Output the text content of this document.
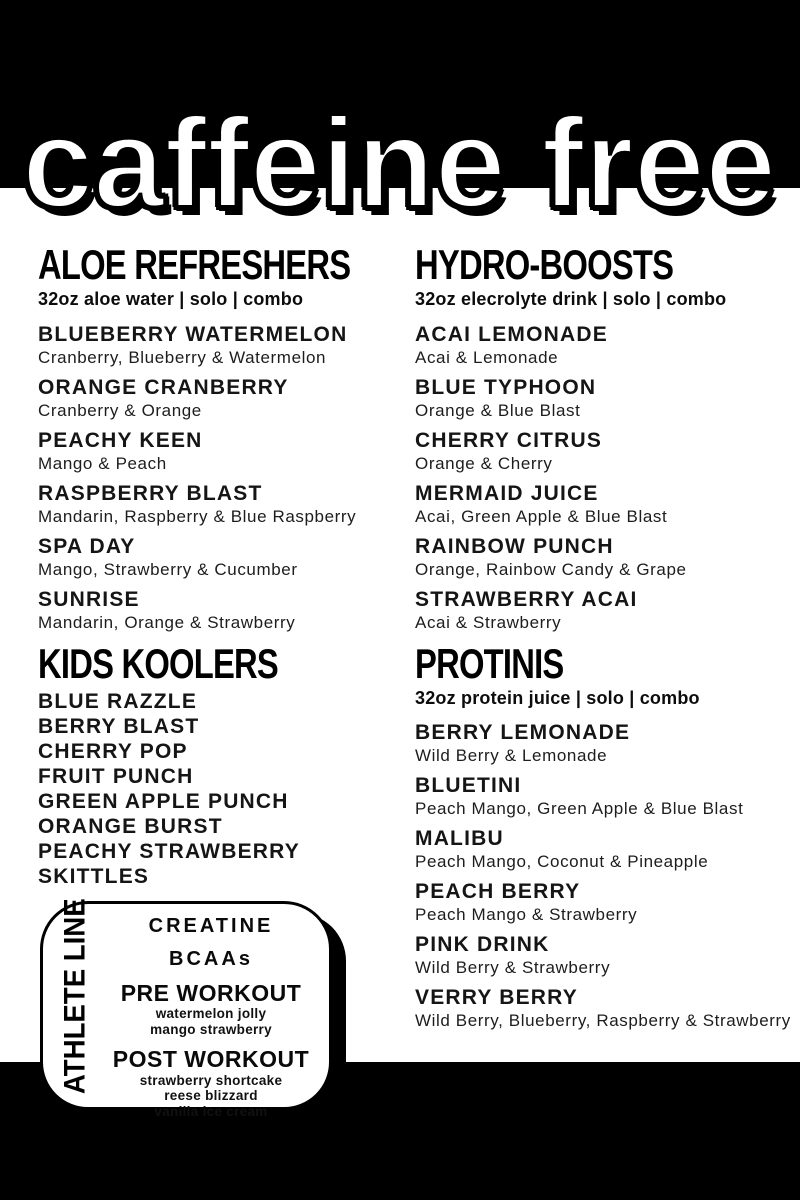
caffeine free
ALOE REFRESHERS
32oz aloe water | solo | combo
BLUEBERRY WATERMELON
Cranberry, Blueberry & Watermelon
ORANGE CRANBERRY
Cranberry & Orange
PEACHY KEEN
Mango & Peach
RASPBERRY BLAST
Mandarin, Raspberry & Blue Raspberry
SPA DAY
Mango, Strawberry & Cucumber
SUNRISE
Mandarin, Orange & Strawberry
KIDS KOOLERS
BLUE RAZZLE
BERRY BLAST
CHERRY POP
FRUIT PUNCH
GREEN APPLE PUNCH
ORANGE BURST
PEACHY STRAWBERRY
SKITTLES
HYDRO-BOOSTS
32oz elecrolyte drink | solo | combo
ACAI LEMONADE
Acai & Lemonade
BLUE TYPHOON
Orange & Blue Blast
CHERRY CITRUS
Orange & Cherry
MERMAID JUICE
Acai, Green Apple & Blue Blast
RAINBOW PUNCH
Orange, Rainbow Candy & Grape
STRAWBERRY ACAI
Acai & Strawberry
PROTINIS
32oz protein juice | solo | combo
BERRY LEMONADE
Wild Berry & Lemonade
BLUETINI
Peach Mango, Green Apple & Blue Blast
MALIBU
Peach Mango, Coconut & Pineapple
PEACH BERRY
Peach Mango & Strawberry
PINK DRINK
Wild Berry & Strawberry
VERRY BERRY
Wild Berry, Blueberry, Raspberry & Strawberry
ATHLETE LINE	CREATINE
BCAAs
PRE WORKOUT
watermelon jolly
mango strawberry
POST WORKOUT
strawberry shortcake
reese blizzard
vanilla ice cream
